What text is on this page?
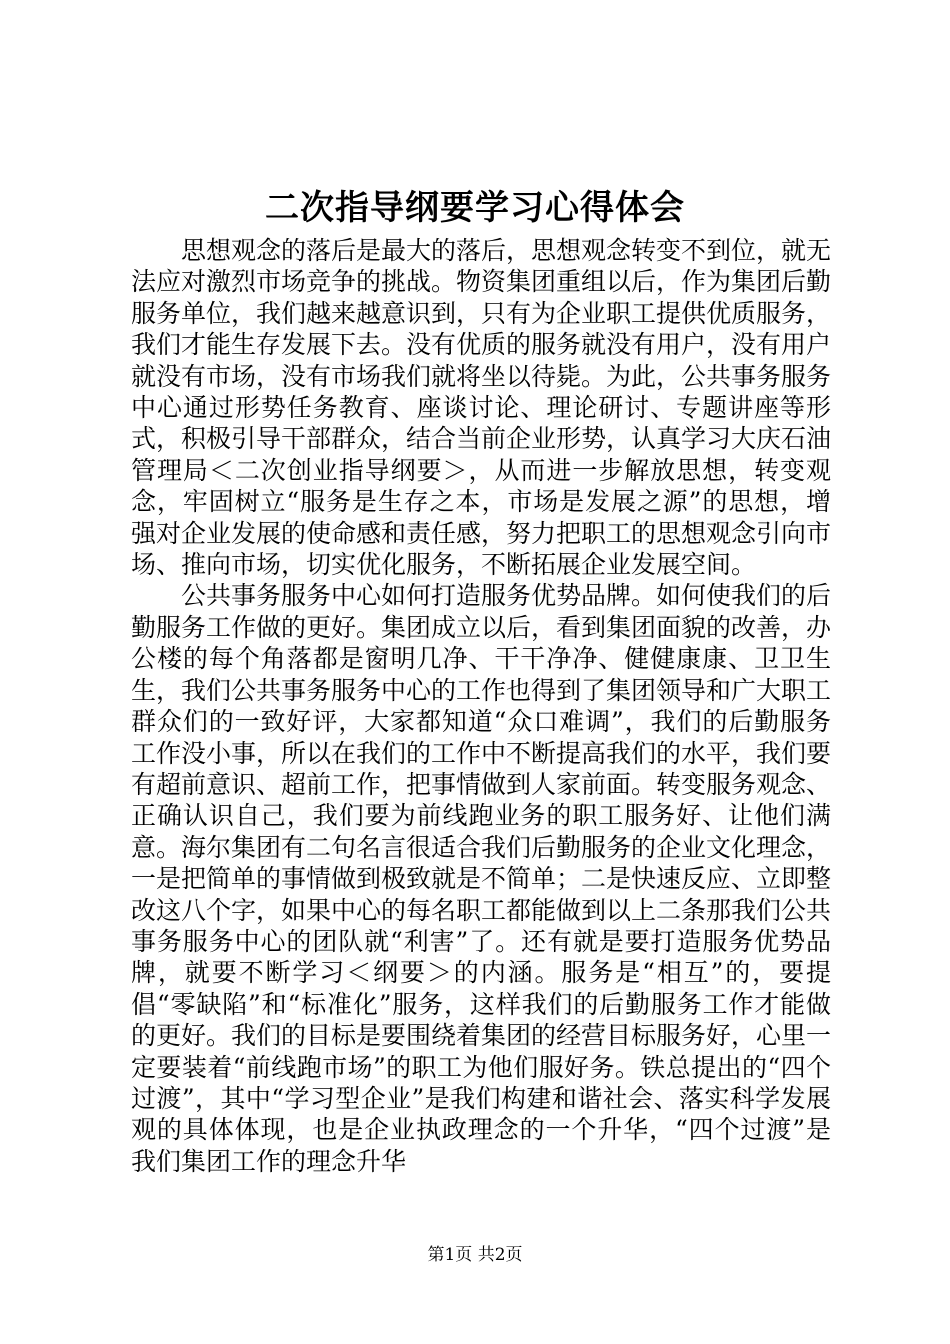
二次指导纲要学习心得体会

思想观念的落后是最大的落后，思想观念转变不到位，就无法应对激烈市场竞争的挑战。物资集团重组以后，作为集团后勤服务单位，我们越来越意识到，只有为企业职工提供优质服务，我们才能生存发展下去。没有优质的服务就没有用户，没有用户就没有市场，没有市场我们就将坐以待毙。为此，公共事务服务中心通过形势任务教育、座谈讨论、理论研讨、专题讲座等形式，积极引导干部群众，结合当前企业形势，认真学习大庆石油管理局＜二次创业指导纲要＞，从而进一步解放思想，转变观念，牢固树立“服务是生存之本，市场是发展之源”的思想，增强对企业发展的使命感和责任感，努力把职工的思想观念引向市场、推向市场，切实优化服务，不断拓展企业发展空间。

公共事务服务中心如何打造服务优势品牌。如何使我们的后勤服务工作做的更好。集团成立以后，看到集团面貌的改善，办公楼的每个角落都是窗明几净、干干净净、健健康康、卫卫生生，我们公共事务服务中心的工作也得到了集团领导和广大职工群众们的一致好评，大家都知道“众口难调”，我们的后勤服务工作没小事，所以在我们的工作中不断提高我们的水平，我们要有超前意识、超前工作，把事情做到人家前面。转变服务观念、正确认识自己，我们要为前线跑业务的职工服务好、让他们满意。海尔集团有二句名言很适合我们后勤服务的企业文化理念，一是把简单的事情做到极致就是不简单；二是快速反应、立即整改这八个字，如果中心的每名职工都能做到以上二条那我们公共事务服务中心的团队就“利害”了。还有就是要打造服务优势品牌，就要不断学习＜纲要＞的内涵。服务是“相互”的，要提倡“零缺陷”和“标准化”服务，这样我们的后勤服务工作才能做的更好。我们的目标是要围绕着集团的经营目标服务好，心里一定要装着“前线跑市场”的职工为他们服好务。铁总提出的“四个过渡”，其中“学习型企业”是我们构建和谐社会、落实科学发展观的具体体现，也是企业执政理念的一个升华，“四个过渡”是我们集团工作的理念升华

第1页 共2页
